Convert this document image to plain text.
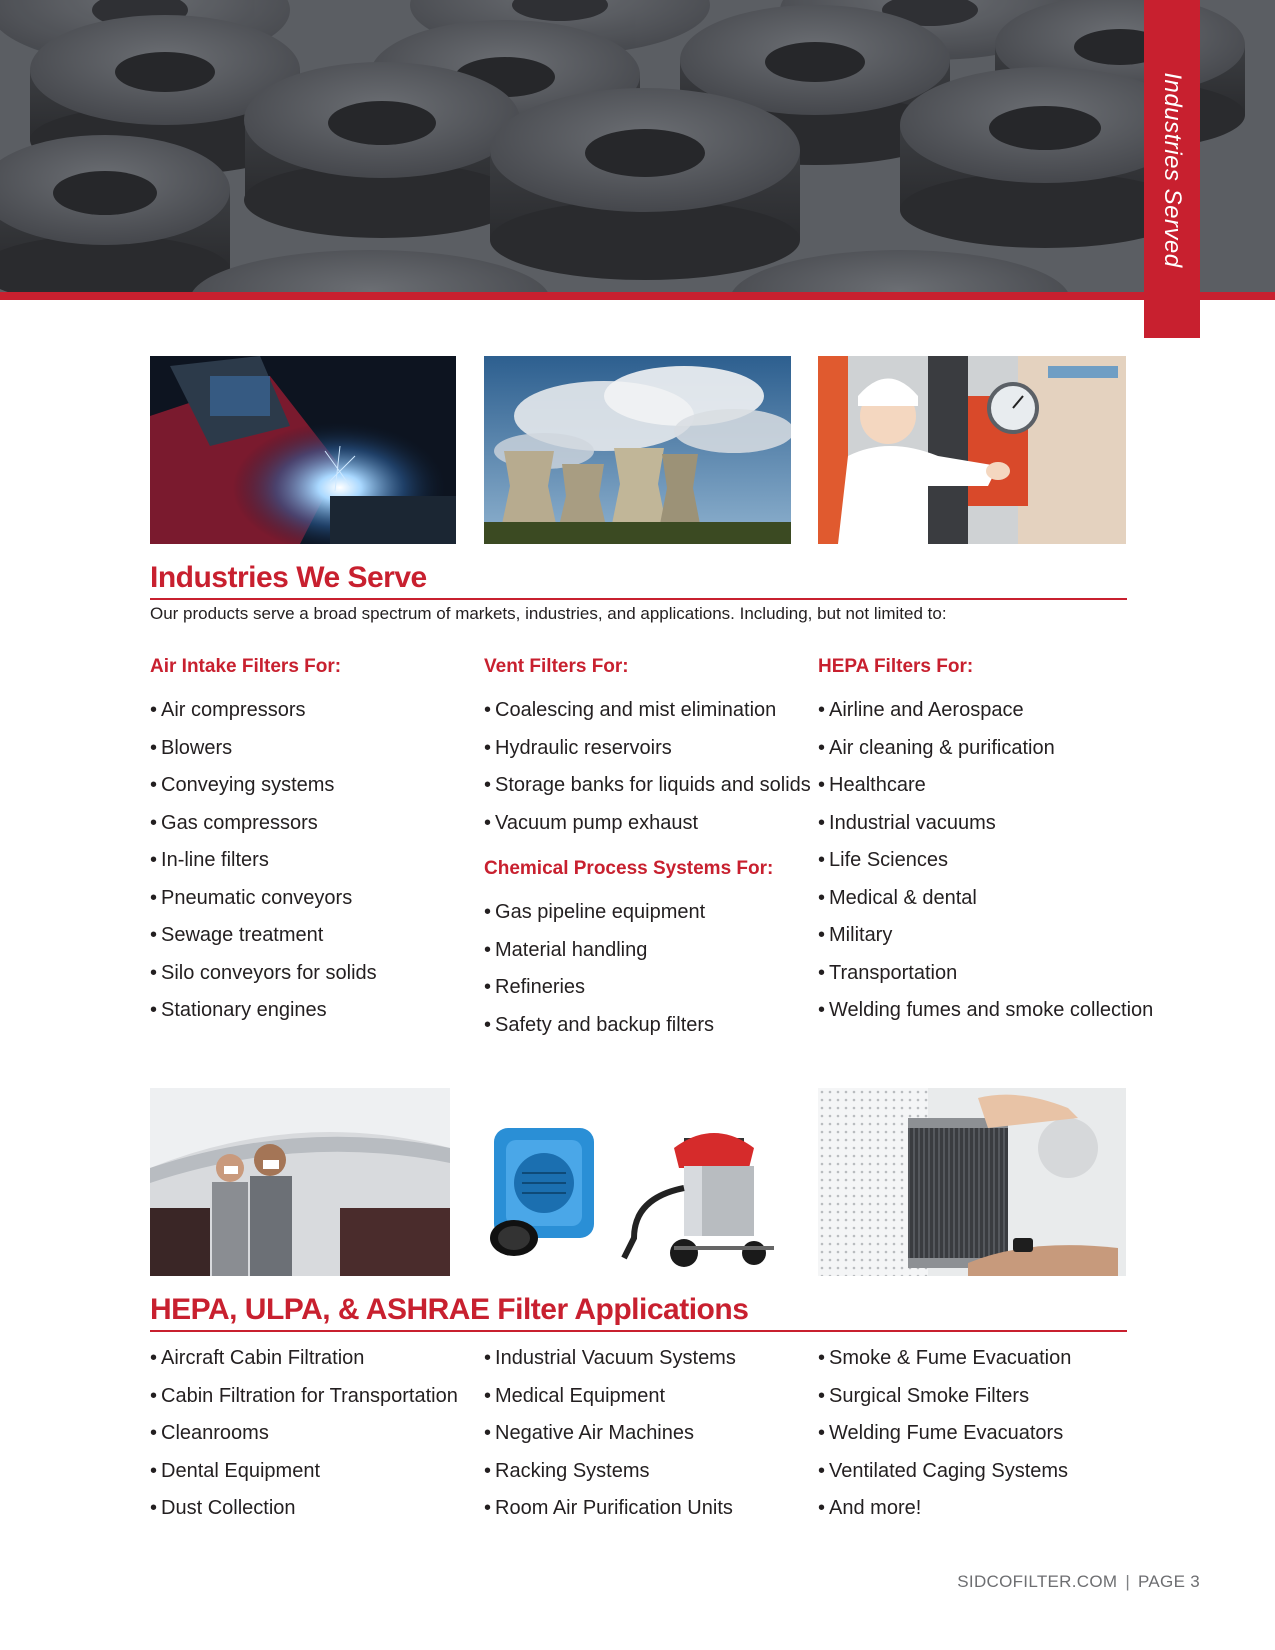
Industries Served
Industries We Serve

Our products serve a broad spectrum of markets, industries, and applications. Including, but not limited to:

Air Intake Filters For:
• Air compressors
• Blowers
• Conveying systems
• Gas compressors
• In-line filters
• Pneumatic conveyors
• Sewage treatment
• Silo conveyors for solids
• Stationary engines
Vent Filters For:
• Coalescing and mist elimination
• Hydraulic reservoirs
• Storage banks for liquids and solids
• Vacuum pump exhaust
Chemical Process Systems For:
• Gas pipeline equipment
• Material handling
• Refineries
• Safety and backup filters
HEPA Filters For:
• Airline and Aerospace
• Air cleaning & purification
• Healthcare
• Industrial vacuums
• Life Sciences
• Medical & dental
• Military
• Transportation
• Welding fumes and smoke collection
HEPA, ULPA, & ASHRAE Filter Applications
• Aircraft Cabin Filtration
• Cabin Filtration for Transportation
• Cleanrooms
• Dental Equipment
• Dust Collection
• Industrial Vacuum Systems
• Medical Equipment
• Negative Air Machines
• Racking Systems
• Room Air Purification Units
• Smoke & Fume Evacuation
• Surgical Smoke Filters
• Welding Fume Evacuators
• Ventilated Caging Systems
• And more!
SIDCOFILTER.COM | PAGE 3
